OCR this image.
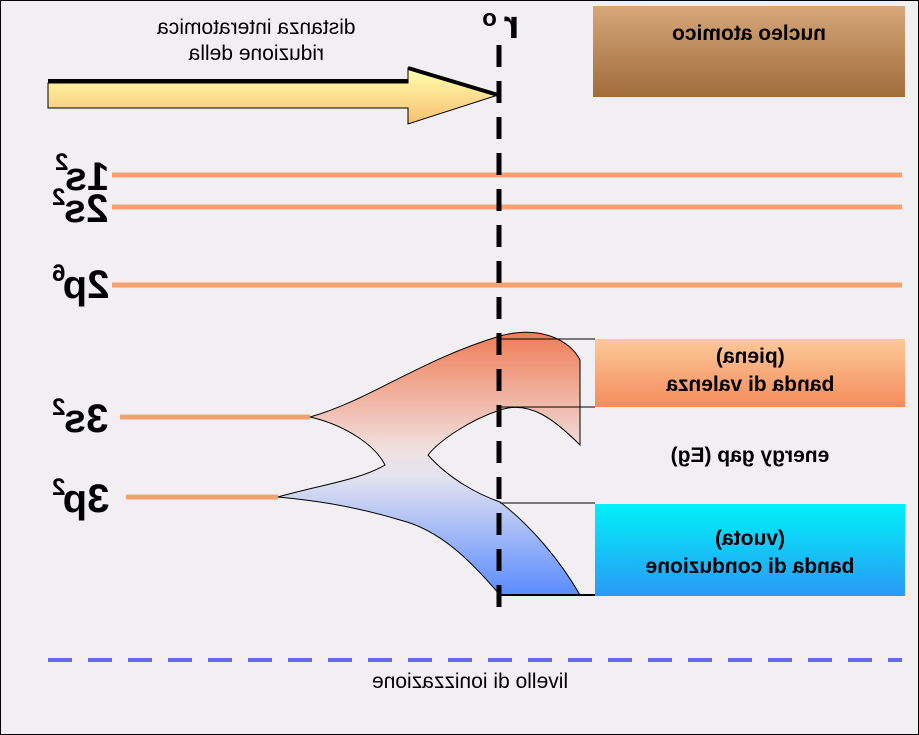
distanza interatomica
riduzione della
r
o
nucleo atomico
(piena)
banda di valenza
energy gap (Eg)
(vuota)
banda di conduzione
livello di ionizzazione
1s
2
2s
2
2p
6
3s
2
3p
2
